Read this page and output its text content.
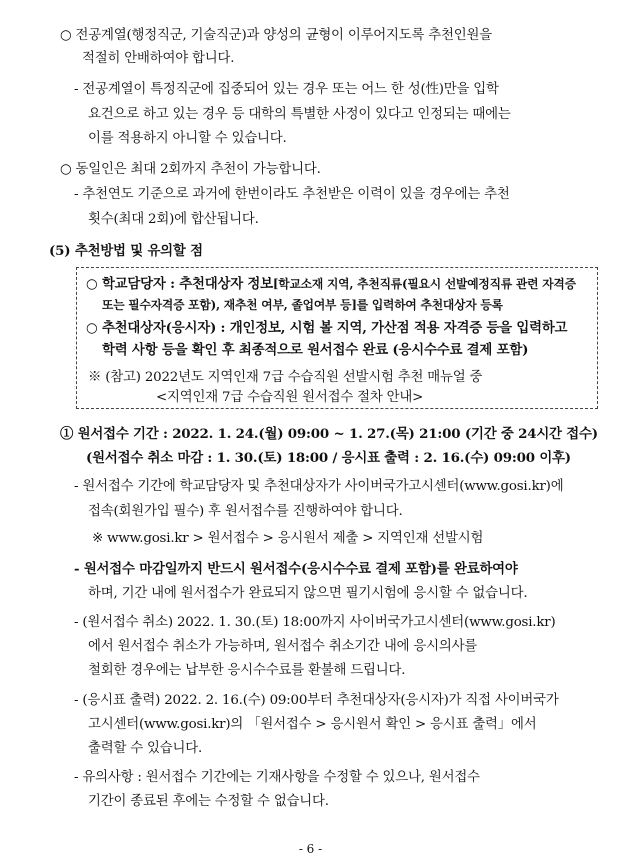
○ 전공계열(행정직군, 기술직군)과 양성의 균형이 이루어지도록 추천인원을
적절히 안배하여야 합니다.
- 전공계열이 특정직군에 집중되어 있는 경우 또는 어느 한 성(性)만을 입학
요건으로 하고 있는 경우 등 대학의 특별한 사정이 있다고 인정되는 때에는
이를 적용하지 아니할 수 있습니다.
○ 동일인은 최대 2회까지 추천이 가능합니다.
- 추천연도 기준으로 과거에 한번이라도 추천받은 이력이 있을 경우에는 추천
횟수(최대 2회)에 합산됩니다.
(5) 추천방법 및 유의할 점
○ 학교담당자 : 추천대상자 정보[학교소재 지역, 추천직류(필요시 선발예정직류 관련 자격증
또는 필수자격증 포함), 재추천 여부, 졸업여부 등]를 입력하여 추천대상자 등록
○ 추천대상자(응시자) : 개인정보, 시험 볼 지역, 가산점 적용 자격증 등을 입력하고
학력 사항 등을 확인 후 최종적으로 원서접수 완료 (응시수수료 결제 포함)
※ (참고) 2022년도 지역인재 7급 수습직원 선발시험 추천 매뉴얼 중
<지역인재 7급 수습직원 원서접수 절차 안내>
① 원서접수 기간 : 2022. 1. 24.(월) 09:00 ~ 1. 27.(목) 21:00 (기간 중 24시간 접수)
(원서접수 취소 마감 : 1. 30.(토) 18:00 / 응시표 출력 : 2. 16.(수) 09:00 이후)
- 원서접수 기간에 학교담당자 및 추천대상자가 사이버국가고시센터(www.gosi.kr)에
접속(회원가입 필수) 후 원서접수를 진행하여야 합니다.
※ www.gosi.kr > 원서접수 > 응시원서 제출 > 지역인재 선발시험
- 원서접수 마감일까지 반드시 원서접수(응시수수료 결제 포함)를 완료하여야
하며, 기간 내에 원서접수가 완료되지 않으면 필기시험에 응시할 수 없습니다.
- (원서접수 취소) 2022. 1. 30.(토) 18:00까지 사이버국가고시센터(www.gosi.kr)
에서 원서접수 취소가 가능하며, 원서접수 취소기간 내에 응시의사를
철회한 경우에는 납부한 응시수수료를 환불해 드립니다.
- (응시표 출력) 2022. 2. 16.(수) 09:00부터 추천대상자(응시자)가 직접 사이버국가
고시센터(www.gosi.kr)의 「원서접수 > 응시원서 확인 > 응시표 출력」에서
출력할 수 있습니다.
- 유의사항 : 원서접수 기간에는 기재사항을 수정할 수 있으나, 원서접수
기간이 종료된 후에는 수정할 수 없습니다.
- 6 -
